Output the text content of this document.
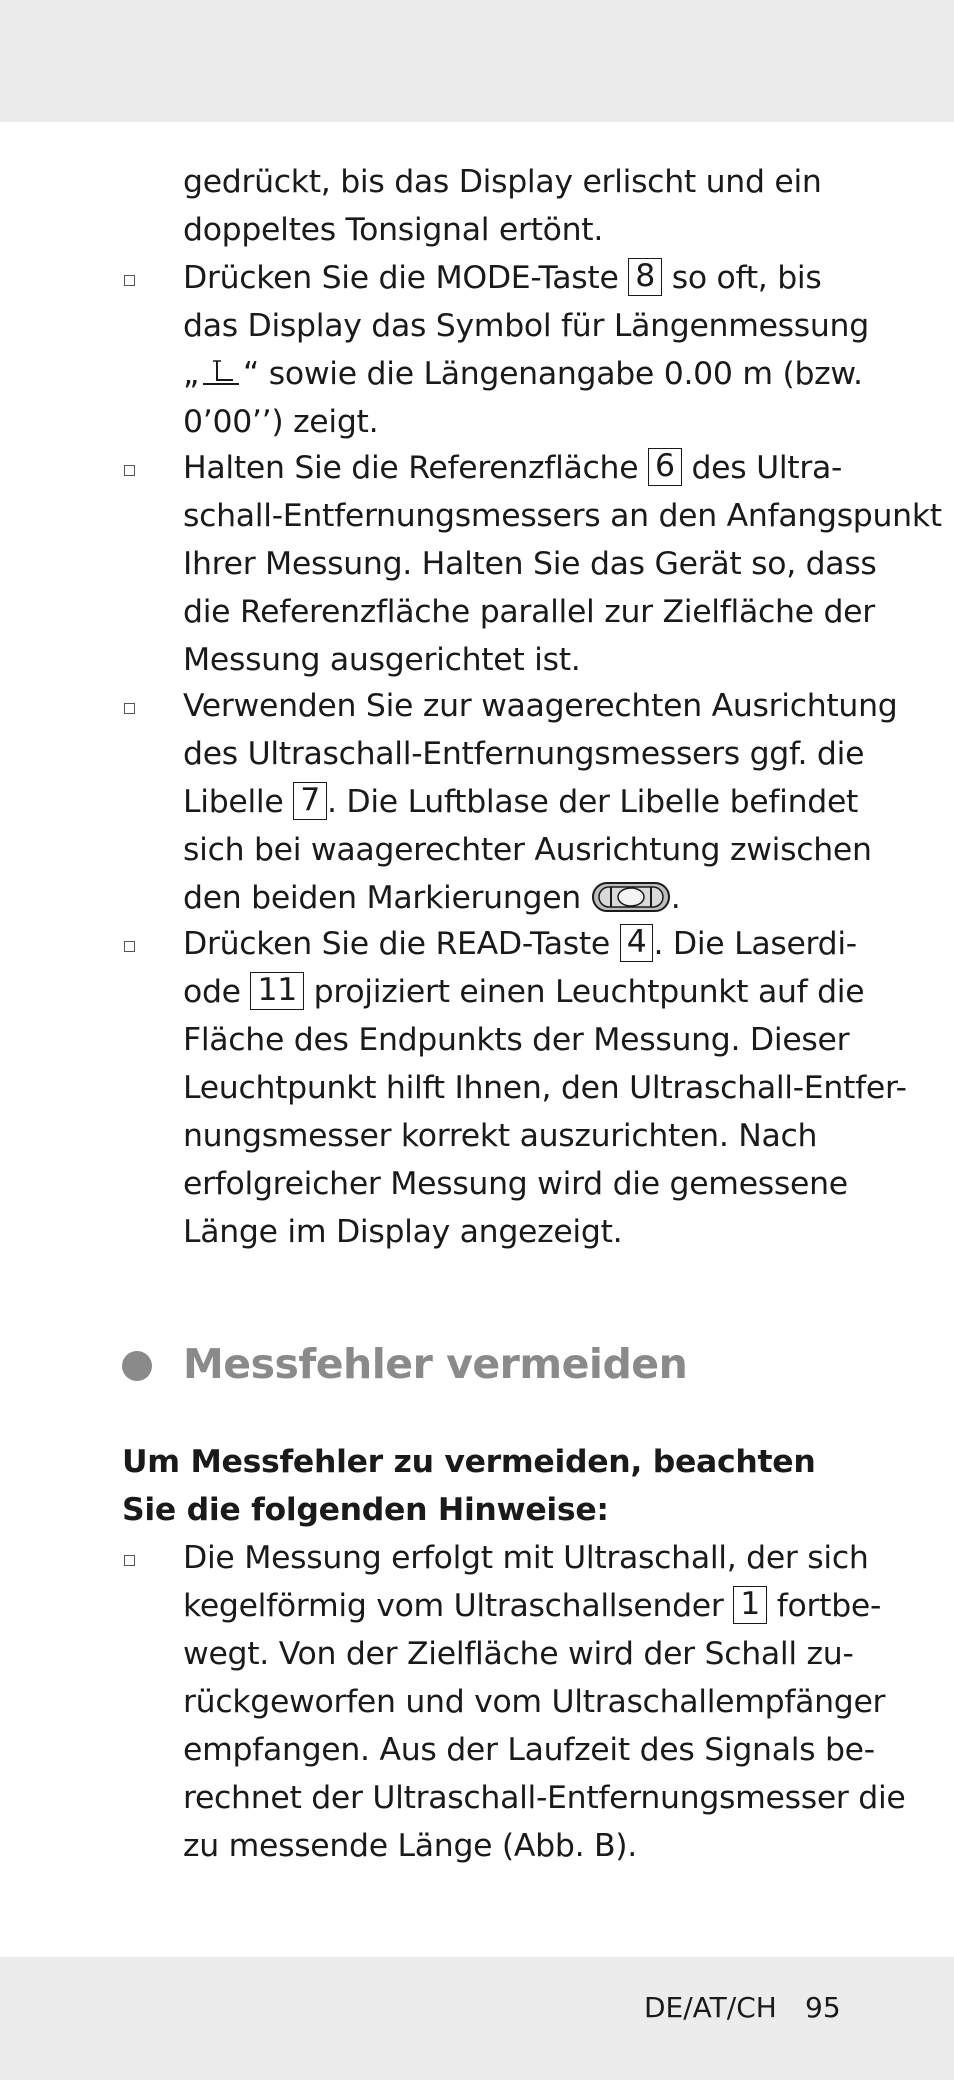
gedrückt, bis das Display erlischt und ein
doppeltes Tonsignal ertönt.
Drücken Sie die MODE-Taste 8 so oft, bis
das Display das Symbol für Längenmessung
„ “ sowie die Längenangabe 0.00 m (bzw.
0’00’’) zeigt.
Halten Sie die Referenzfläche 6 des Ultra-
schall-Entfernungsmessers an den Anfangspunkt
Ihrer Messung. Halten Sie das Gerät so, dass
die Referenzfläche parallel zur Zielfläche der
Messung ausgerichtet ist.
Verwenden Sie zur waagerechten Ausrichtung
des Ultraschall-Entfernungsmessers ggf. die
Libelle 7 . Die Luftblase der Libelle befindet
sich bei waagerechter Ausrichtung zwischen
den beiden Markierungen	.
Drücken Sie die READ-Taste 4 . Die Laserdi-
ode 11 projiziert einen Leuchtpunkt auf die
Fläche des Endpunkts der Messung. Dieser
Leuchtpunkt hilft Ihnen, den Ultraschall-Entfer-
nungsmesser korrekt auszurichten. Nach
erfolgreicher Messung wird die gemessene
Länge im Display angezeigt.
Messfehler vermeiden
Um Messfehler zu vermeiden, beachten
Sie die folgenden Hinweise:
Die Messung erfolgt mit Ultraschall, der sich
kegelförmig vom Ultraschallsender 1 fortbe-
wegt. Von der Zielfläche wird der Schall zu-
rückgeworfen und vom Ultraschallempfänger
empfangen. Aus der Laufzeit des Signals be-
rechnet der Ultraschall-Entfernungsmesser die
zu messende Länge (Abb. B).
DE/AT/CH 95
